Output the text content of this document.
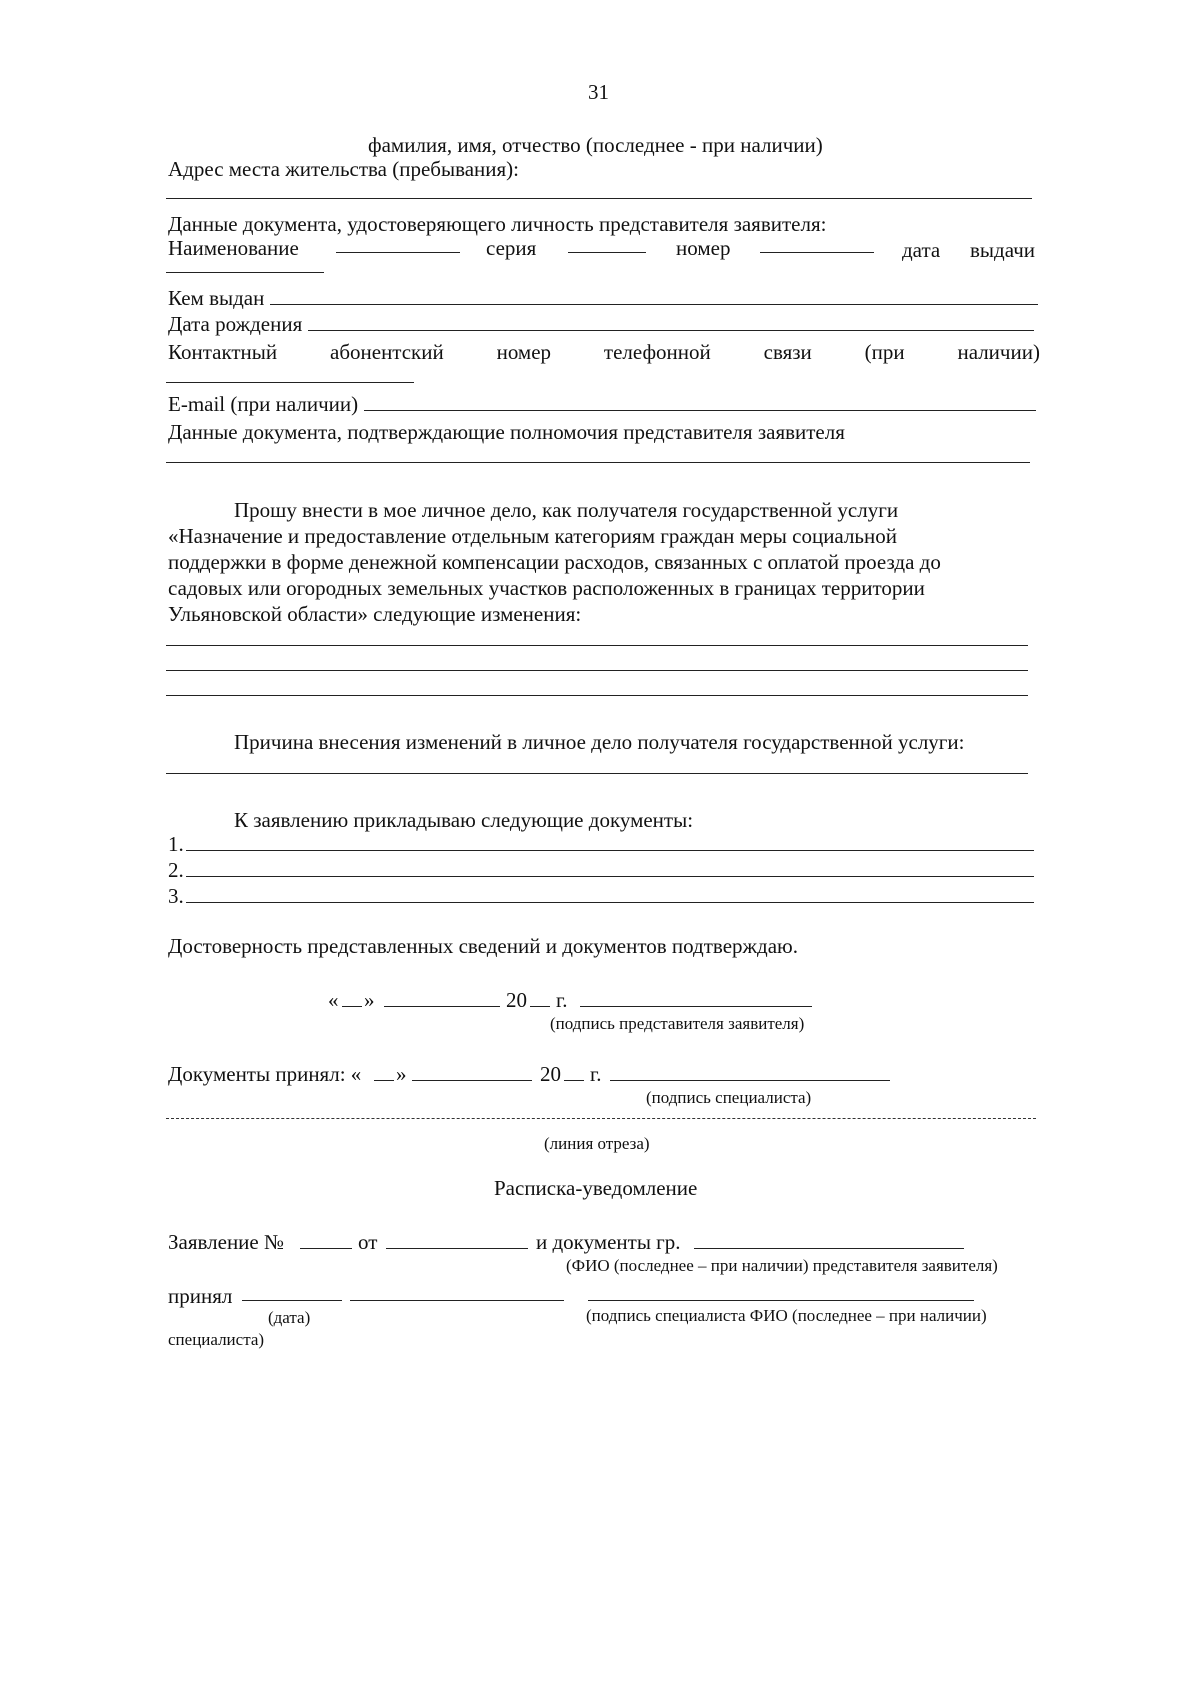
31
фамилия, имя, отчество (последнее - при наличии)
Адрес места жительства (пребывания):
Данные документа, удостоверяющего личность представителя заявителя:
Наименование	серия	номер	дата выдачи
Кем выдан
Дата рождения
Контактный	абонентский	номер	телефонной	связи	(при	наличии)
E-mail (при наличии)
Данные документа, подтверждающие полномочия представителя заявителя
Прошу внести в мое личное дело, как получателя государственной услуги
«Назначение и предоставление отдельным категориям граждан меры социальной
поддержки в форме денежной компенсации расходов, связанных с оплатой проезда до
садовых или огородных земельных участков расположенных в границах территории
Ульяновской области» следующие изменения:
Причина внесения изменений в личное дело получателя государственной услуги:
К заявлению прикладываю следующие документы:
1.
2.
3.
Достоверность представленных сведений и документов подтверждаю.
« »	20 г.
(подпись представителя заявителя)
Документы принял: « »	20 г.
(подпись специалиста)
(линия отреза)
Расписка-уведомление
Заявление №	от	и документы гр.
(ФИО (последнее – при наличии) представителя заявителя)
принял
(дата)	(подпись специалиста ФИО (последнее – при наличии)
специалиста)
